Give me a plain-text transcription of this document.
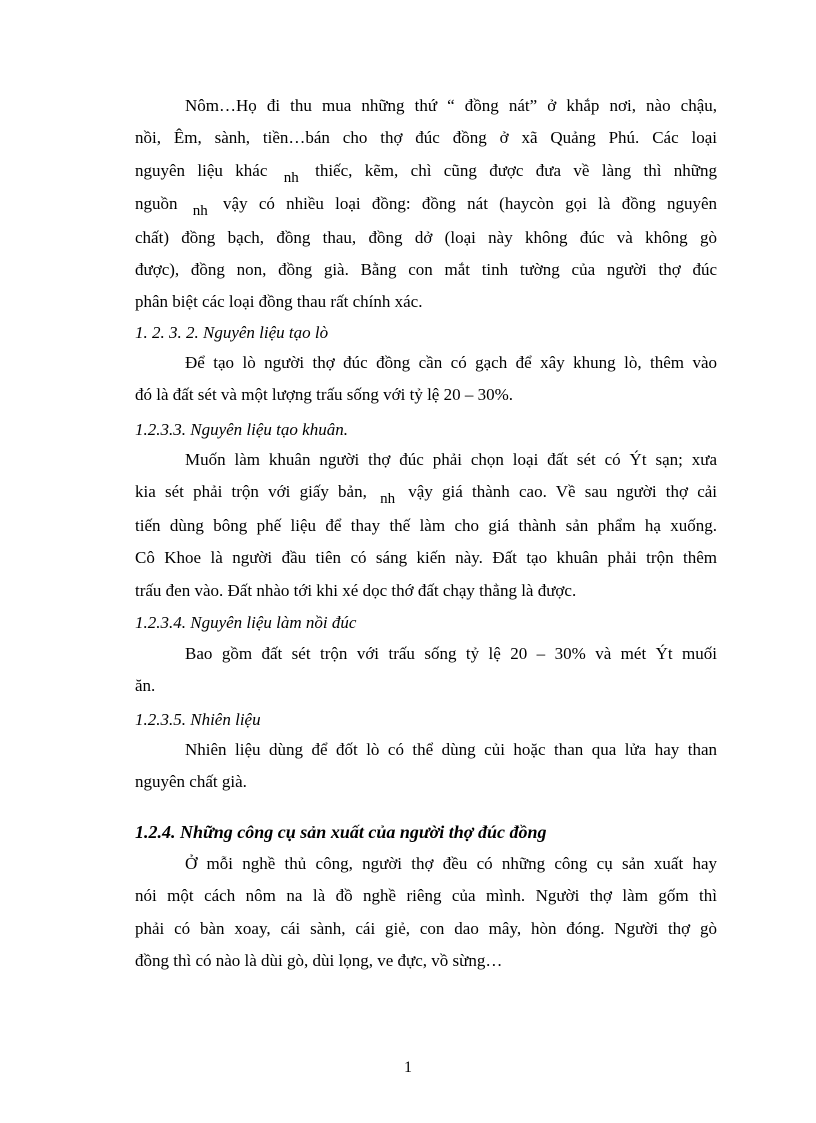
Nôm…Họ đi thu mua những thứ “ đồng nát” ở khắp nơi, nào chậu,
nồi, Êm, sành, tiền…bán cho thợ đúc đồng ở xã Quảng Phú. Các loại
nguyên liệu khác nh thiếc, kẽm, chì cũng được đưa về làng thì những
nguồn nh vậy có nhiều loại đồng: đồng nát (haycòn gọi là đồng nguyên
chất) đồng bạch, đồng thau, đồng dở (loại này không đúc và không gò
được), đồng non, đồng già. Bằng con mắt tinh tường của người thợ đúc
phân biệt các loại đồng thau rất chính xác.

1. 2. 3. 2. Nguyên liệu tạo lò

Để tạo lò người thợ đúc đồng cần có gạch để xây khung lò, thêm vào
đó là đất sét và một lượng trấu sống với tỷ lệ 20 – 30%.

1.2.3.3. Nguyên liệu tạo khuân.

Muốn làm khuân người thợ đúc phải chọn loại đất sét có Ýt sạn; xưa
kia sét phải trộn với giấy bản, nh vậy giá thành cao. Về sau người thợ cải
tiến dùng bông phế liệu để thay thế làm cho giá thành sản phẩm hạ xuống.
Cô Khoe là người đầu tiên có sáng kiến này. Đất tạo khuân phải trộn thêm
trấu đen vào. Đất nhào tới khi xé dọc thớ đất chạy thẳng là được.

1.2.3.4. Nguyên liệu làm nồi đúc

Bao gồm đất sét trộn với trấu sống tỷ lệ 20 – 30% và mét Ýt muối
ăn.

1.2.3.5. Nhiên liệu

Nhiên liệu dùng để đốt lò có thể dùng củi hoặc than qua lửa hay than
nguyên chất già.

1.2.4. Những công cụ sản xuất của người thợ đúc đồng

Ở mỗi nghề thủ công, người thợ đều có những công cụ sản xuất hay
nói một cách nôm na là đồ nghề riêng của mình. Người thợ làm gốm thì
phải có bàn xoay, cái sành, cái giẻ, con dao mây, hòn đóng. Người thợ gò
đồng thì có nào là dùi gò, dùi lọng, ve đực, vồ sừng…
1
